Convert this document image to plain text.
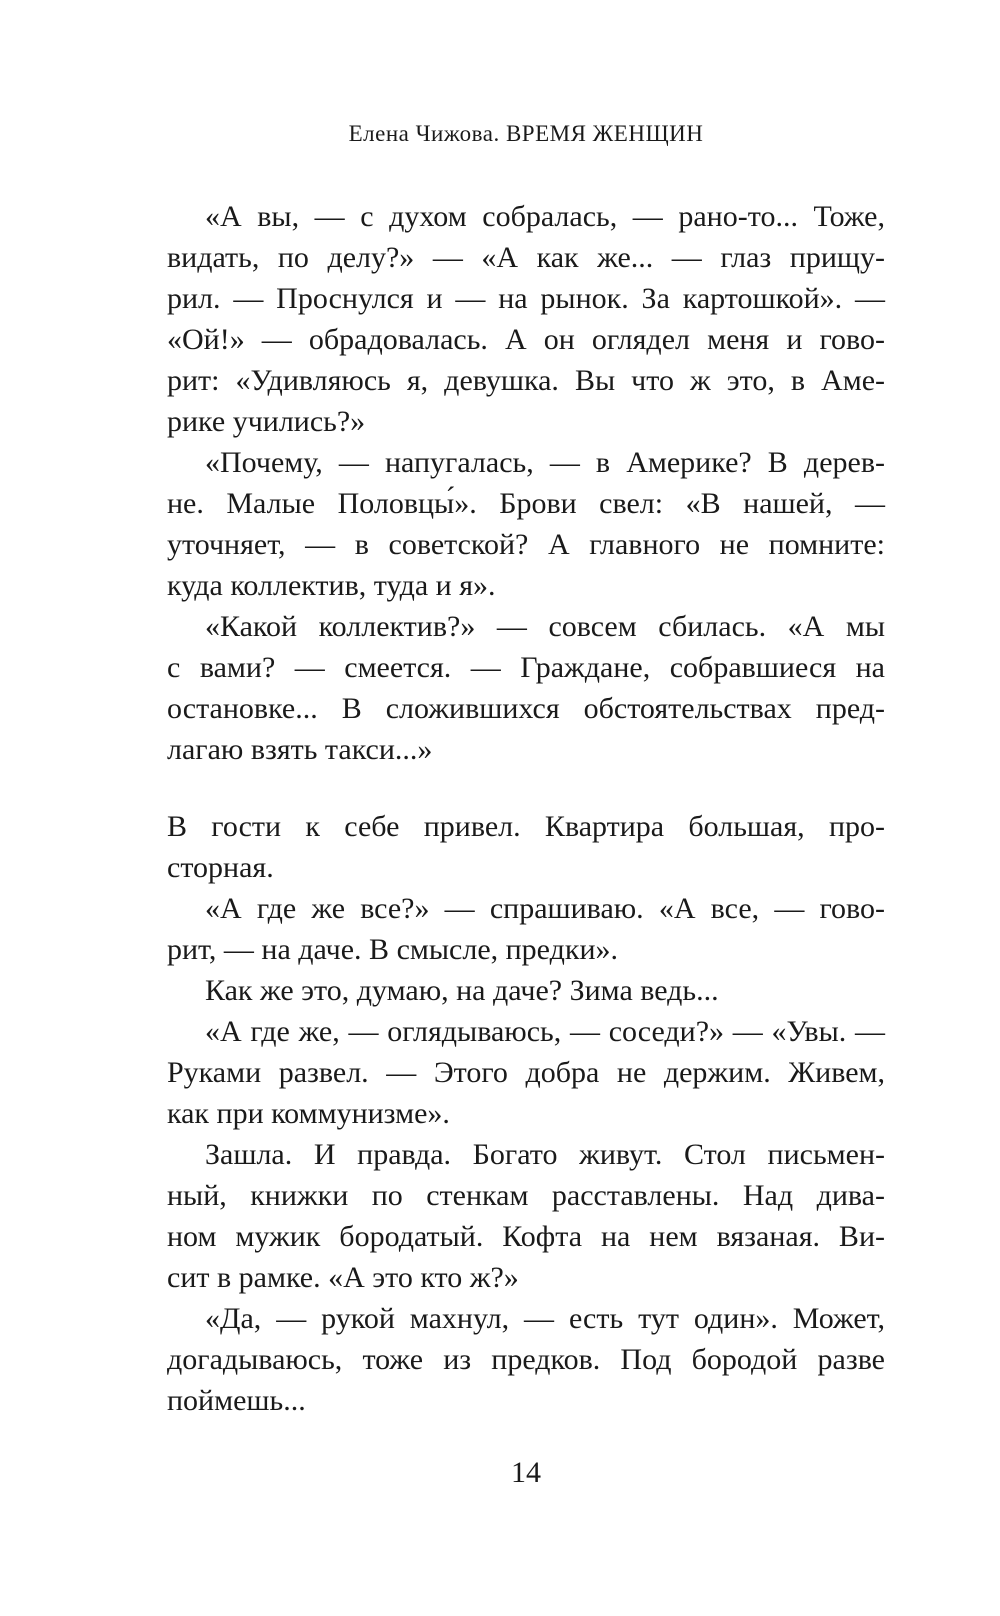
Елена Чижова. ВРЕМЯ ЖЕНЩИН

«А вы, — с духом собралась, — рано-то... Тоже,
видать, по делу?» — «А как же... — глаз прищу-
рил. — Проснулся и — на рынок. За картошкой». —
«Ой!» — обрадовалась. А он оглядел меня и гово-
рит: «Удивляюсь я, девушка. Вы что ж это, в Аме-
рике учились?»

«Почему, — напугалась, — в Америке? В дерев-
не. Малые Половцы́». Брови свел: «В нашей, —
уточняет, — в советской? А главного не помните:
куда коллектив, туда и я».

«Какой коллектив?» — совсем сбилась. «А мы
с вами? — смеется. — Граждане, собравшиеся на
остановке... В сложившихся обстоятельствах пред-
лагаю взять такси...»

В гости к себе привел. Квартира большая, про-
сторная.

«А где же все?» — спрашиваю. «А все, — гово-
рит, — на даче. В смысле, предки».

Как же это, думаю, на даче? Зима ведь...

«А где же, — оглядываюсь, — соседи?» — «Увы. —
Руками развел. — Этого добра не держим. Живем,
как при коммунизме».

Зашла. И правда. Богато живут. Стол письмен-
ный, книжки по стенкам расставлены. Над дива-
ном мужик бородатый. Кофта на нем вязаная. Ви-
сит в рамке. «А это кто ж?»

«Да, — рукой махнул, — есть тут один». Может,
догадываюсь, тоже из предков. Под бородой разве
поймешь...

14
